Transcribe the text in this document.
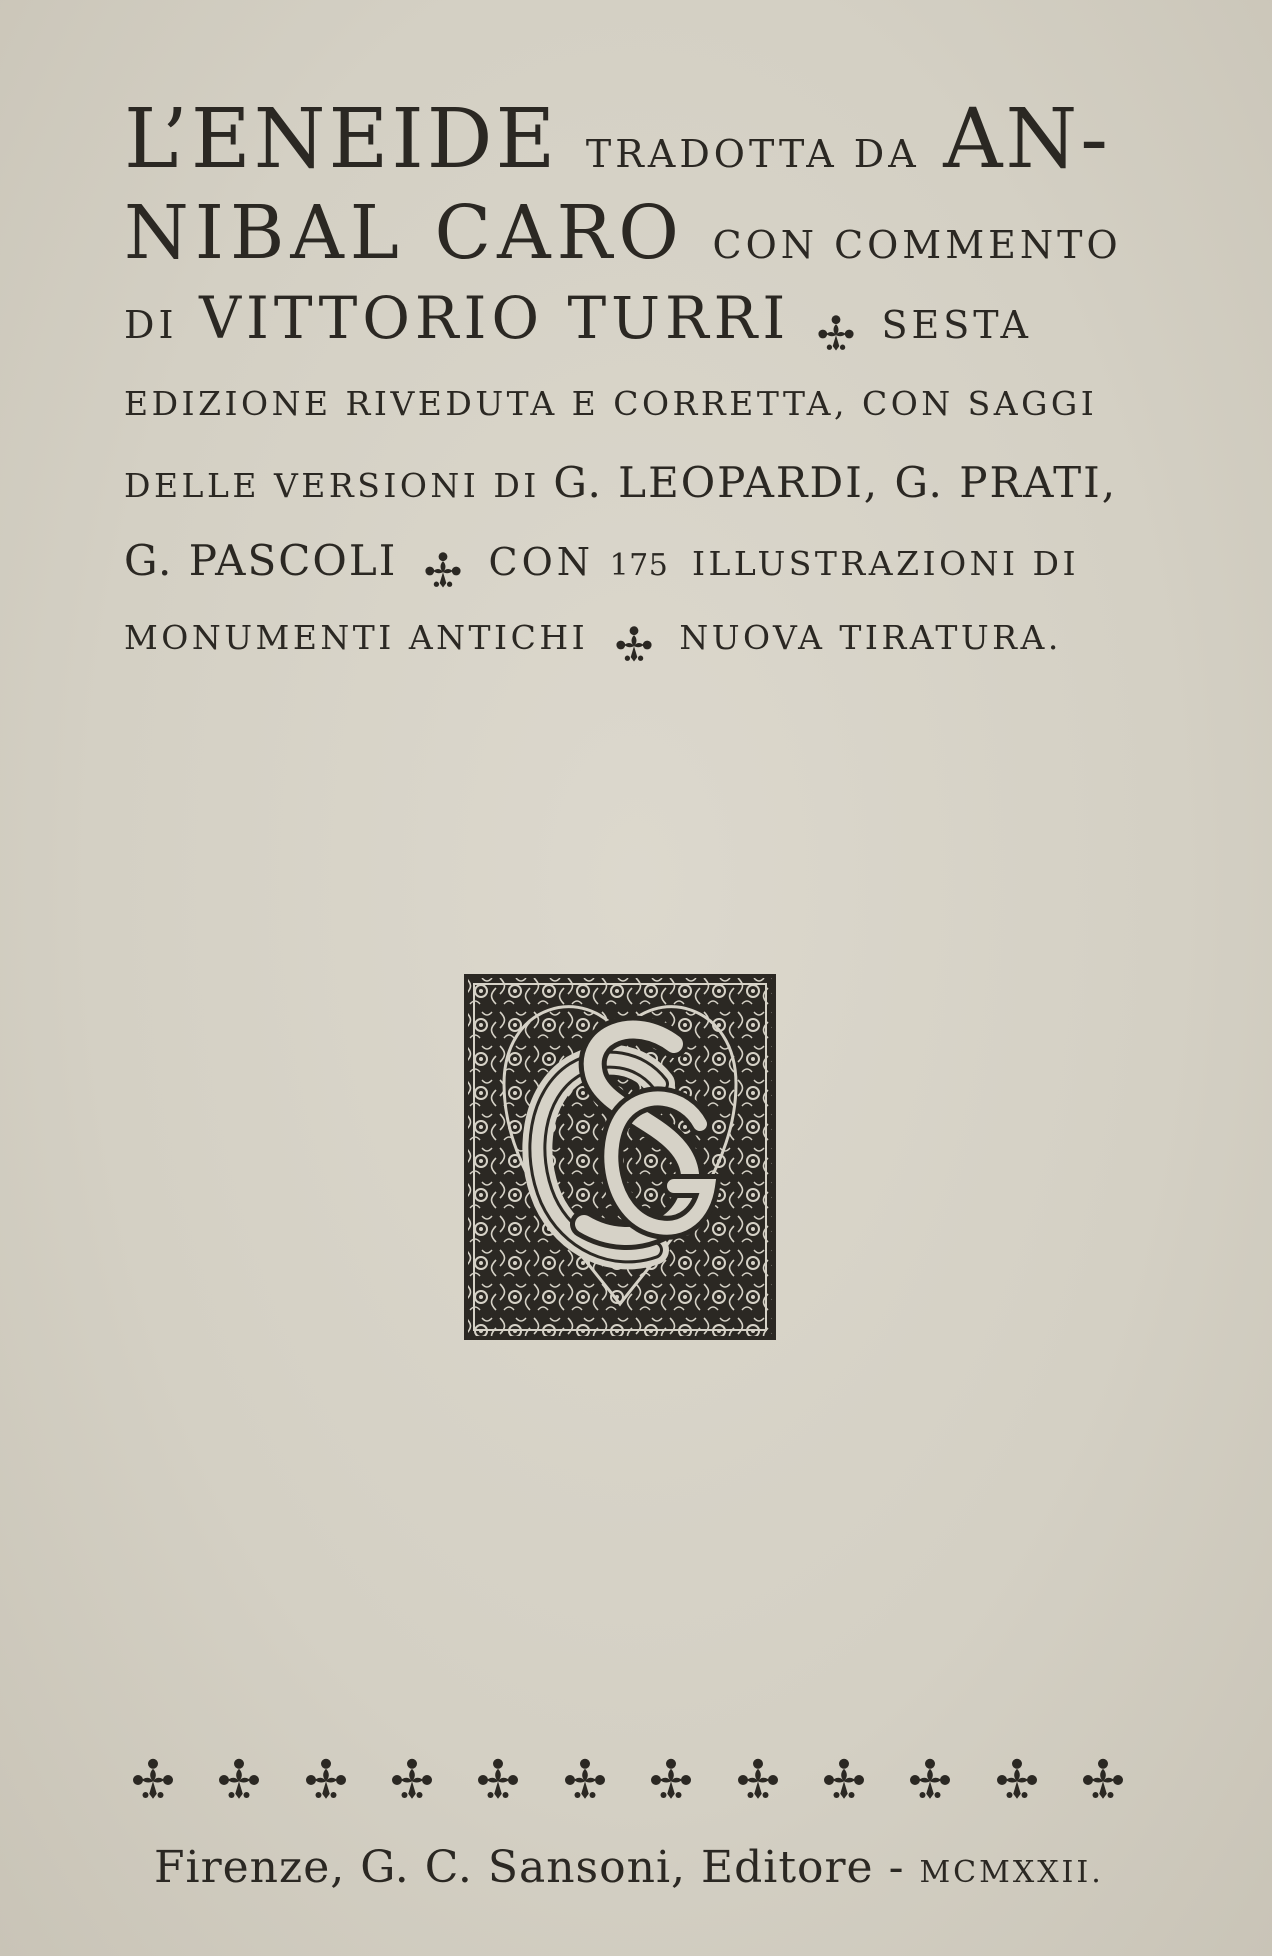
L’ENEIDE TRADOTTA DA AN-
NIBAL CARO CON COMMENTO
DI VITTORIO TURRI SESTA
EDIZIONE RIVEDUTA E CORRETTA, CON SAGGI
DELLE VERSIONI DI G. LEOPARDI, G. PRATI,
G. PASCOLI CON 175 ILLUSTRAZIONI DI
MONUMENTI ANTICHI	NUOVA TIRATURA.
Firenze, G. C. Sansoni, Editore - MCMXXII.
